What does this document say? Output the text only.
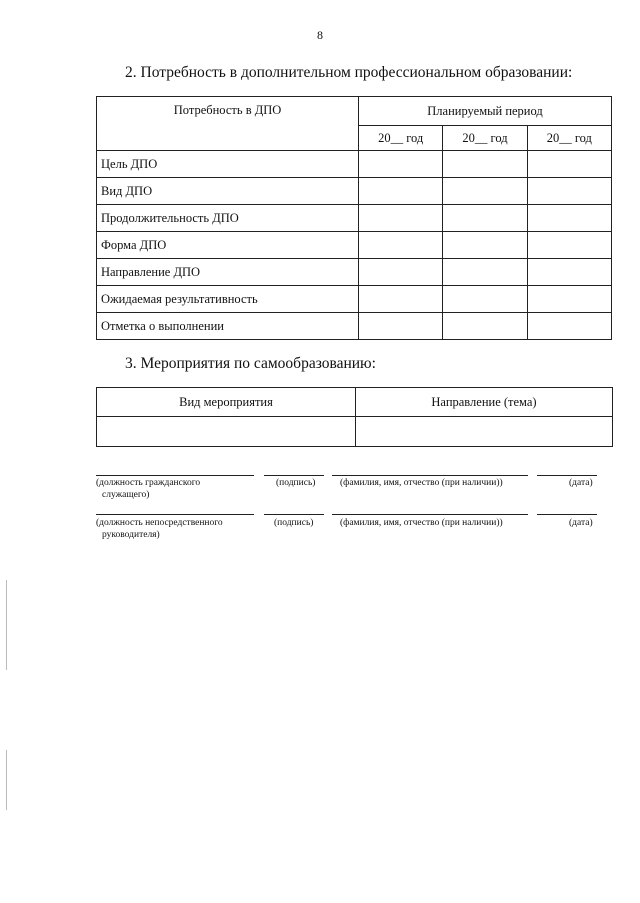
8
2. Потребность в дополнительном профессиональном образовании:
Потребность в ДПО	Планируемый период		
	20__ год	20__ год	20__ год
Цель ДПО			
Вид ДПО			
Продолжительность ДПО			
Форма ДПО			
Направление ДПО			
Ожидаемая результативность			
Отметка о выполнении			
3. Мероприятия по самообразованию:
Вид мероприятия	Направление (тема)

(должность гражданского
служащего)
(подпись)	(фамилия, имя, отчество (при наличии))	(дата)
(должность непосредственного
руководителя)
(подпись)	(фамилия, имя, отчество (при наличии))	(дата)
